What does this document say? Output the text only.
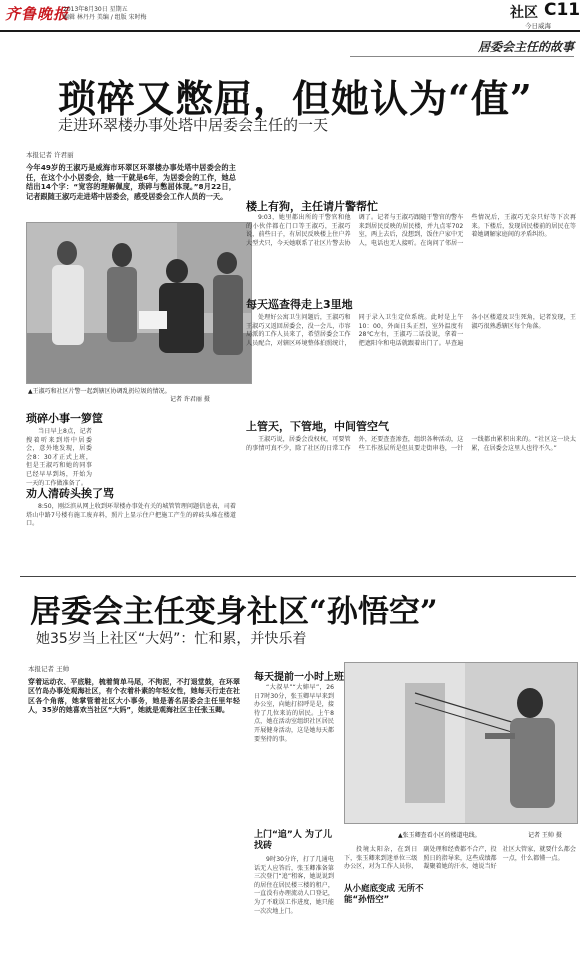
齐鲁晚报
2013年8月30日 星期五
编辑 林丹丹 美编 / 组版 宋时梅	社区 C11
今日威海
居委会主任的故事
琐碎又憋屈，但她认为“值”
走进环翠楼办事处塔中居委会主任的一天
本报记者 许君丽
今年49岁的王淑巧是威海市环翠区环翠楼办事处塔中居委会的主任，在这个小小居委会，她一干就是6年，为居委会的工作，她总结出14个字：“宽容的理解佩度，琐碎与憋屈体现。”8月22日，记者跟随王淑巧走进塔中居委会，感受居委会工作人员的一天。
▲王淑巧和社区片警一起到辖区协调乱扔垃圾的情况。
记者 许君丽 摄
琐碎小事一箩筐

当日早上8点，记者搜着听来到塔中居委会，意外地发现，居委会8：30才正式上班，但是王淑巧和她的同事已经早早到场，开始为一天的工作做准备了。

劝人清砖头挨了骂

8:50，刚泛滨从网上收到环翠楼办事处有关的城管管理问题信息表，司着塔山中路7号楼有施工废弃料，照片上显示住户把施工产生的碎砖头堆在楼道口。

楼上有狗，主任请片警帮忙

9:03，她里都出所的干警官和他的小伙伴都在门口等王淑巧，王淑巧说，前些日子，有居民反映楼上住户养大型犬只，今天她联系了社区片警去协调了。记者与王淑巧跟随干警官的警车来到居民反映的居民楼，并九点零702室，两上去后，没想到，饭住户家中无人，电话也无人接听。在询问了邻居一些情况后，王淑巧无奈只好等下次再来。下楼后，发现居民楼前的居民在等着她调解家庭间的矛盾纠纷。

每天巡查得走上3里地

处理好公寓卫生问题后，王淑巧和王淑巧又返回居委会，没一会儿，市容局派的工作人员来了，希望居委会工作人员配合，对辖区环境整体拍照统计，同于录入卫生定位系统。此时是上午10：00，外面日头正烈，室外温度有28℃左右，王淑巧二话没说，拿着一把遮阳伞和电话就跟着出门了。早查遍各小区楼道及卫生死角，记者发现，王淑巧很熟悉辖区每个角落。

上管天，下管地，中间管空气

王淑巧说，居委会没权权，可要管的事情可真不少，除了社区的日常工作外，还要查查渗查，组织各种活动，这些工作基层所是但员要走街串巷，一针一线都由累积出来的。“社区这一块太累，在居委会这里人也待不久。”

居委会主任变身社区“孙悟空”
她35岁当上社区“大妈”：忙和累，并快乐着
本报记者 王帅
穿着运动衣、平底鞋，梳着简单马尾，不拘泥，不打退堂鼓，在环翠区竹岛办事处观海社区，有个衣着朴素的年轻女性，她每天行走在社区各个角落，她掌管着社区大小事务，她是著名居委会主任里年轻人，35岁的她喜欢当社区“大妈”，她就是观海社区主任张玉卿。
每天提前一小时上班

“大叔早”“大婶早”，26日7时30分，张玉卿早早来到办公室，向她打招呼是是，接待了几位来访的居民。上午8点，她在活动室组织社区居民开展健身活动，这是她每天都要坚持的事。

上门“追”人 为了儿找砖

9时30分许，打了几通电话无人应答后，张玉卿准备第三次登门“追”租客，她说说到的居住在居民楼三楼的租户，一直没有办理流动人口登记，为了不耽误工作进度，她只能一次次地上门。

▲张玉卿查看小区的楼道电线。	记者 王帅 摄
从小庭底变成 无所不能“孙悟空”

投境太阳杂，在到日下，张玉卿来到迷单位三级办公区，对为工作人员你，副处理和经费都不合产，投照日的指导来，这些成绩都凝聚着她的汗水，她说当好社区大管家，就要什么都会一点，什么都懂一点。
